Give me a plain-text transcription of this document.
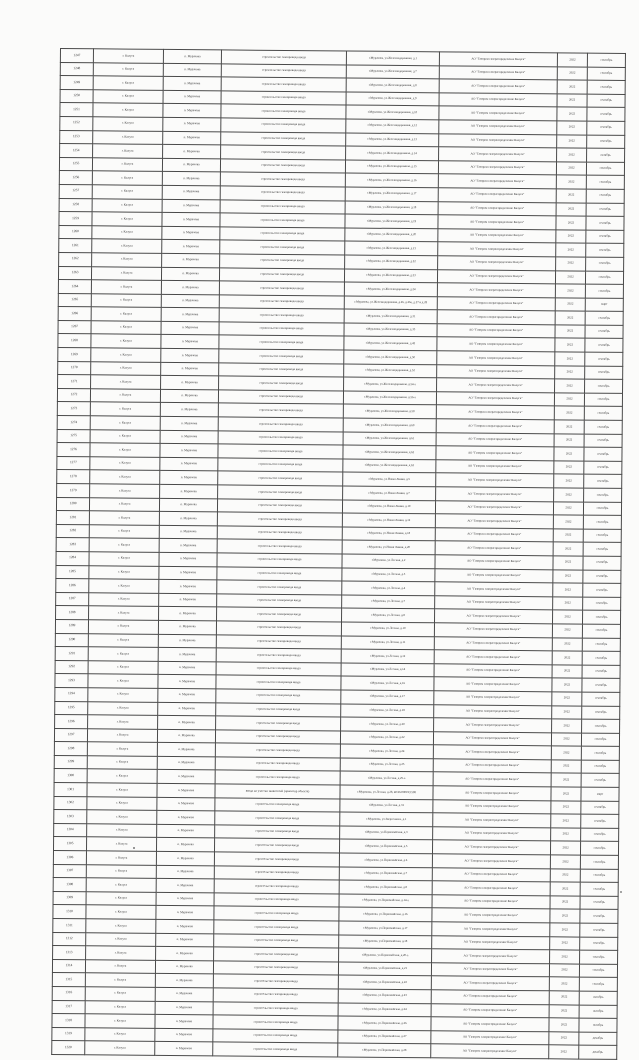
1247	г. Калуга	п. Мурачова	строительство газопровода ввода	г.Мурачова, ул.Железнодорожная, д.1	АО "Газпром газораспределение Калуга"	2022	сентябрь
1248	г. Калуга	п. Мурачова	строительство газопровода ввода	г.Мурачова, ул.Железнодорожная, д.7	АО "Газпром газораспределение Калуга"	2022	сентябрь
1249	г. Калуга	п. Мурачова	строительство газопровода ввода	г.Мурачова, ул.Железнодорожная, д.8	АО "Газпром газораспределение Калуга"	2022	сентябрь
1250	г. Калуга	п. Мурачова	строительство газопровода ввода	г.Мурачова, ул.Железнодорожная, д.9	АО "Газпром газораспределение Калуга"	2022	сентябрь
1251	г. Калуга	п. Мурачова	строительство газопровода ввода	г.Мурачова, ул.Железнодорожная, д.10	АО "Газпром газораспределение Калуга"	2022	сентябрь
1252	г. Калуга	п. Мурачова	строительство газопровода ввода	г.Мурачова, ул.Железнодорожная, д.12	АО "Газпром газораспределение Калуга"	2022	сентябрь
1253	г. Калуга	п. Мурачова	строительство газопровода ввода	г.Мурачова, ул.Железнодорожная, д.13	АО "Газпром газораспределение Калуга"	2022	сентябрь
1254	г. Калуга	п. Мурачова	строительство газопровода ввода	г.Мурачова, ул.Железнодорожная, д.14	АО "Газпром газораспределение Калуга"	2022	октябрь
1255	г. Калуга	п. Мурачова	строительство газопровода ввода	г.Мурачова, ул.Железнодорожная, д.15	АО "Газпром газораспределение Калуга"	2022	сентябрь
1256	г. Калуга	п. Мурачова	строительство газопровода ввода	г.Мурачова, ул.Железнодорожная, д.16	АО "Газпром газораспределение Калуга"	2022	сентябрь
1257	г. Калуга	п. Мурачова	строительство газопровода ввода	г.Мурачова, ул.Железнодорожная, д.17	АО "Газпром газораспределение Калуга"	2022	сентябрь
1258	г. Калуга	п. Мурачова	строительство газопровода ввода	г.Мурачова, ул.Железнодорожная, д.18	АО "Газпром газораспределение Калуга"	2022	сентябрь
1259	г. Калуга	п. Мурачова	строительство газопровода ввода	г.Мурачова, ул.Железнодорожная, д.19	АО "Газпром газораспределение Калуга"	2022	сентябрь
1260	г. Калуга	п. Мурачова	строительство газопровода ввода	г.Мурачова, ул.Железнодорожная, д.20	АО "Газпром газораспределение Калуга"	2022	сентябрь
1261	г. Калуга	п. Мурачова	строительство газопровода ввода	г.Мурачова, ул.Железнодорожная, д.21	АО "Газпром газораспределение Калуга"	2022	сентябрь
1262	г. Калуга	п. Мурачова	строительство газопровода ввода	г.Мурачова, ул.Железнодорожная, д.22	АО "Газпром газораспределение Калуга"	2022	сентябрь
1263	г. Калуга	п. Мурачова	строительство газопровода ввода	г.Мурачова, ул.Железнодорожная, д.23	АО "Газпром газораспределение Калуга"	2022	сентябрь
1264	г. Калуга	п. Мурачова	строительство газопровода ввода	г.Мурачова, ул.Железнодорожная, д.24	АО "Газпром газораспределение Калуга"	2022	сентябрь
1265	г. Калуга	п. Мурачова	строительство газопровода ввода	г.Мурачова, ул.Железнодорожная, д.26, д.26а, д.27 и д.28	АО "Газпром газораспределение Калуга"	2022	март
1266	г. Калуга	п. Мурачова	строительство газопровода ввода	г.Мурачова, ул.Железнодорожная, д.31	АО "Газпром газораспределение Калуга"	2022	сентябрь
1267	г. Калуга	п. Мурачова	строительство газопровода ввода	г.Мурачова, ул.Железнодорожная, д.33	АО "Газпром газораспределение Калуга"	2022	сентябрь
1268	г. Калуга	п. Мурачова	строительство газопровода ввода	г.Мурачова, ул.Железнодорожная, д.42	АО "Газпром газораспределение Калуга"	2022	сентябрь
1269	г. Калуга	п. Мурачова	строительство газопровода ввода	г.Мурачова, ул.Железнодорожная, д.50	АО "Газпром газораспределение Калуга"	2022	сентябрь
1270	г. Калуга	п. Мурачова	строительство газопровода ввода	г.Мурачова, ул.Железнодорожная, д.52	АО "Газпром газораспределение Калуга"	2022	сентябрь
1271	г. Калуга	п. Мурачова	строительство газопровода ввода	г.Мурачова, ул.Железнодорожная, д.54-а	АО "Газпром газораспределение Калуга"	2022	сентябрь
1272	г. Калуга	п. Мурачова	строительство газопровода ввода	г.Мурачова, ул.Железнодорожная, д.56-а	АО "Газпром газораспределение Калуга"	2022	сентябрь
1273	г. Калуга	п. Мурачова	строительство газопровода ввода	г.Мурачова, ул.Железнодорожная, д.58	АО "Газпром газораспределение Калуга"	2022	сентябрь
1274	г. Калуга	п. Мурачова	строительство газопровода ввода	г.Мурачова, ул.Железнодорожная, д.60	АО "Газпром газораспределение Калуга"	2022	сентябрь
1275	г. Калуга	п. Мурачова	строительство газопровода ввода	г.Мурачова, ул.Железнодорожная, д.61	АО "Газпром газораспределение Калуга"	2022	сентябрь
1276	г. Калуга	п. Мурачова	строительство газопровода ввода	г.Мурачова, ул.Железнодорожная, д.62	АО "Газпром газораспределение Калуга"	2022	сентябрь
1277	г. Калуга	п. Мурачова	строительство газопровода ввода	г.Мурачова, ул.Железнодорожная, д.63	АО "Газпром газораспределение Калуга"	2022	сентябрь
1278	г. Калуга	п. Мурачова	строительство газопровода ввода	г.Мурачова, ул.Новая Линия, д.5	АО "Газпром газораспределение Калуга"	2022	сентябрь
1279	г. Калуга	п. Мурачова	строительство газопровода ввода	г.Мурачова, ул.Новая Линия, д.7	АО "Газпром газораспределение Калуга"	2022	сентябрь
1280	г. Калуга	п. Мурачова	строительство газопровода ввода	г.Мурачова, ул.Новая Линия, д.10	АО "Газпром газораспределение Калуга"	2022	сентябрь
1281	г. Калуга	п. Мурачова	строительство газопровода ввода	г.Мурачова, ул.Новая Линия, д.12	АО "Газпром газораспределение Калуга"	2022	сентябрь
1282	г. Калуга	п. Мурачова	строительство газопровода ввода	г.Мурачова, ул.Новая Линия, д.18	АО "Газпром газораспределение Калуга"	2022	сентябрь
1283	г. Калуга	п. Мурачова	строительство газопровода ввода	г.Мурачова, ул.Новая Линия, д.20	АО "Газпром газораспределение Калуга"	2022	сентябрь
1284	г. Калуга	п. Мурачова	строительство газопровода ввода	г.Мурачова, ул.Лесная, д.2	АО "Газпром газораспределение Калуга"	2022	сентябрь
1285	г. Калуга	п. Мурачова	строительство газопровода ввода	г.Мурачова, ул.Лесная, д.3	АО "Газпром газораспределение Калуга"	2022	сентябрь
1286	г. Калуга	п. Мурачова	строительство газопровода ввода	г.Мурачова, ул.Лесная, д.4	АО "Газпром газораспределение Калуга"	2022	сентябрь
1287	г. Калуга	п. Мурачова	строительство газопровода ввода	г.Мурачова, ул.Лесная, д.7	АО "Газпром газораспределение Калуга"	2022	сентябрь
1288	г. Калуга	п. Мурачова	строительство газопровода ввода	г.Мурачова, ул.Лесная, д.8	АО "Газпром газораспределение Калуга"	2022	сентябрь
1289	г. Калуга	п. Мурачова	строительство газопровода ввода	г.Мурачова, ул.Лесная, д.10	АО "Газпром газораспределение Калуга"	2022	сентябрь
1290	г. Калуга	п. Мурачова	строительство газопровода ввода	г.Мурачова, ул.Лесная, д.11	АО "Газпром газораспределение Калуга"	2022	сентябрь
1291	г. Калуга	п. Мурачова	строительство газопровода ввода	г.Мурачова, ул.Лесная, д.12	АО "Газпром газораспределение Калуга"	2022	сентябрь
1292	г. Калуга	п. Мурачова	строительство газопровода ввода	г.Мурачова, ул.Лесная, д.14	АО "Газпром газораспределение Калуга"	2022	сентябрь
1293	г. Калуга	п. Мурачова	строительство газопровода ввода	г.Мурачова, ул.Лесная, д.16	АО "Газпром газораспределение Калуга"	2022	сентябрь
1294	г. Калуга	п. Мурачова	строительство газопровода ввода	г.Мурачова, ул.Лесная, д.17	АО "Газпром газораспределение Калуга"	2022	сентябрь
1295	г. Калуга	п. Мурачова	строительство газопровода ввода	г.Мурачова, ул.Лесная, д.18	АО "Газпром газораспределение Калуга"	2022	сентябрь
1296	г. Калуга	п. Мурачова	строительство газопровода ввода	г.Мурачова, ул.Лесная, д.20	АО "Газпром газораспределение Калуга"	2022	сентябрь
1297	г. Калуга	п. Мурачова	строительство газопровода ввода	г.Мурачова, ул.Лесная, д.22	АО "Газпром газораспределение Калуга"	2022	сентябрь
1298	г. Калуга	п. Мурачова	строительство газопровода ввода	г.Мурачова, ул.Лесная, д.24	АО "Газпром газораспределение Калуга"	2022	сентябрь
1299	г. Калуга	п. Мурачова	строительство газопровода ввода	г.Мурачова, ул.Лесная, д.25	АО "Газпром газораспределение Калуга"	2022	сентябрь
1300	г. Калуга	п. Мурачова	строительство газопровода ввода	г.Мурачова, ул.Лесная, д.25-а	АО "Газпром газораспределение Калуга"	2022	сентябрь
1301	г. Калуга	п. Мурачова	ввода на участки заявителей (ориентир объекта)	г.Мурачова, ул.Лесная, д.28, 40:26:000193:508	АО "Газпром газораспределение Калуга"	2022	март
1302	г. Калуга	п. Мурачова	строительство газопровода ввода	г.Мурачова, ул.Лесная, д.31	АО "Газпром газораспределение Калуга"	2022	сентябрь
1303	г. Калуга	п. Мурачова	строительство газопровода ввода	г.Мурачова, ул.Зверосовхоз, д.1	АО "Газпром газораспределение Калуга"	2022	сентябрь
1304	г. Калуга	п. Мурачова	строительство газопровода ввода	г.Мурачова, ул.Первомайская, д.3	АО "Газпром газораспределение Калуга"	2022	сентябрь
1305	г. Калуга	п. Мурачова	строительство газопровода ввода	г.Мурачова, ул.Первомайская, д.5	АО "Газпром газораспределение Калуга"	2022	сентябрь
1306	г. Калуга	п. Мурачова	строительство газопровода ввода	г.Мурачова, ул.Первомайская, д.6	АО "Газпром газораспределение Калуга"	2022	сентябрь
1307	г. Калуга	п. Мурачова	строительство газопровода ввода	г.Мурачова, ул.Первомайская, д.7	АО "Газпром газораспределение Калуга"	2022	сентябрь
1308	г. Калуга	п. Мурачова	строительство газопровода ввода	г.Мурачова, ул.Первомайская, д.8	АО "Газпром газораспределение Калуга"	2022	сентябрь
1309	г. Калуга	п. Мурачова	строительство газопровода ввода	г.Мурачова, ул.Первомайская, д.14-а	АО "Газпром газораспределение Калуга"	2022	сентябрь
1310	г. Калуга	п. Мурачова	строительство газопровода ввода	г.Мурачова, ул.Первомайская, д.16	АО "Газпром газораспределение Калуга"	2022	сентябрь
1311	г. Калуга	п. Мурачова	строительство газопровода ввода	г.Мурачова, ул.Первомайская, д.17	АО "Газпром газораспределение Калуга"	2022	сентябрь
1312	г. Калуга	п. Мурачова	строительство газопровода ввода	г.Мурачова, ул.Первомайская, д.18	АО "Газпром газораспределение Калуга"	2022	сентябрь
1313	г. Калуга	п. Мурачова	строительство газопровода ввода	г.Мурачова, ул.Первомайская, д.20-а	АО "Газпром газораспределение Калуга"	2022	сентябрь
1314	г. Калуга	п. Мурачова	строительство газопровода ввода	г.Мурачова, ул.Первомайская, д.21	АО "Газпром газораспределение Калуга"	2022	сентябрь
1315	г. Калуга	п. Мурачова	строительство газопровода ввода	г.Мурачова, ул.Первомайская, д.22	АО "Газпром газораспределение Калуга"	2022	сентябрь
1316	г. Калуга	п. Мурачова	строительство газопровода ввода	г.Мурачова, ул.Первомайская, д.23	АО "Газпром газораспределение Калуга"	2022	октябрь
1317	г. Калуга	п. Мурачова	строительство газопровода ввода	г.Мурачова, ул.Первомайская, д.24	АО "Газпром газораспределение Калуга"	2022	октябрь
1318	г. Калуга	п. Мурачова	строительство газопровода ввода	г.Мурачова, ул.Первомайская, д.26	АО "Газпром газораспределение Калуга"	2022	октябрь
1319	г. Калуга	п. Мурачова	строительство газопровода ввода	г.Мурачова, ул.Первомайская, д.27	АО "Газпром газораспределение Калуга"	2022	декабрь
1320	г. Калуга	п. Мурачова	строительство газопровода ввода	г.Мурачова, ул.Первомайская, д.28	АО "Газпром газораспределение Калуга"	2022	декабрь
